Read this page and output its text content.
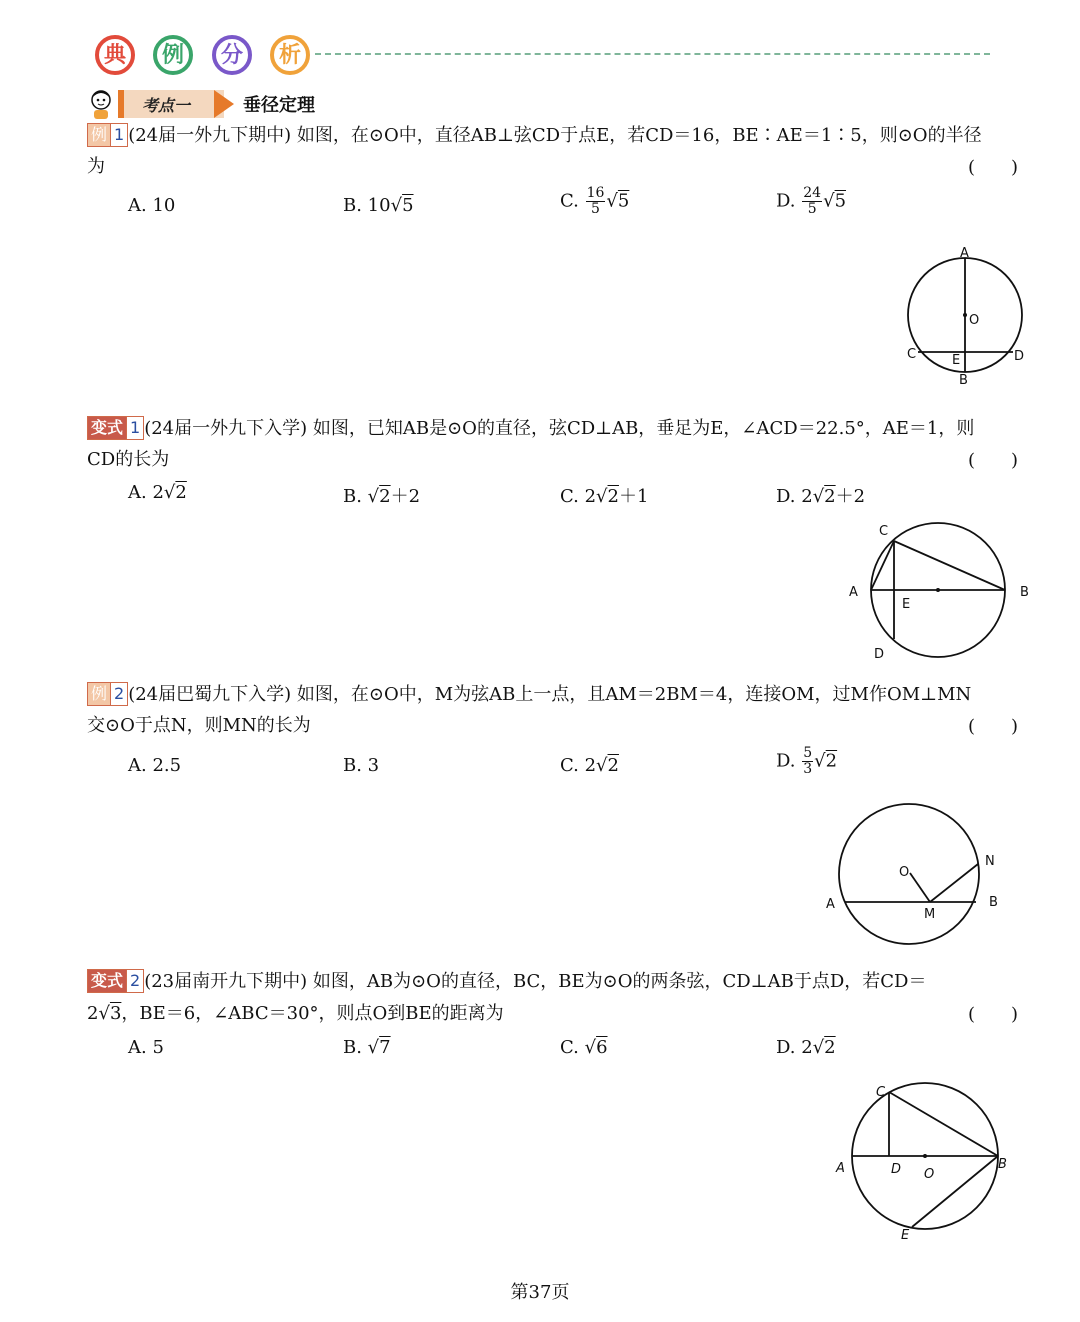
典	例	分	析
考点一	垂径定理
例 1 (24届一外九下期中) 如图，在⊙O中，直径AB⊥弦CD于点E，若CD＝16，BE∶AE＝1∶5，则⊙O的半径
为	(　　)
A. 10	B. 10√5	C. $\frac{16}{5} √5$	D. $\frac{24}{5} √5$
A
O
C	E	D
B
变式 1 (24届一外九下入学) 如图，已知AB是⊙O的直径，弦CD⊥AB，垂足为E，∠ACD＝22.5°，AE＝1，则
CD的长为	(　　)
A. 2√2	B. √2＋2	C. 2√2＋1	D. 2√2＋2
C
A
E
B
D
例 2 (24届巴蜀九下入学) 如图，在⊙O中，M为弦AB上一点，且AM＝2BM＝4，连接OM，过M作OM⊥MN
交⊙O于点N，则MN的长为	(　　)
A. 2.5	B. 3	C. 2√2	D. $\frac{5}{3} √2$
O
N
A
M
B
变式 2 (23届南开九下期中) 如图，AB为⊙O的直径，BC，BE为⊙O的两条弦，CD⊥AB于点D，若CD＝
2√3，BE＝6，∠ABC＝30°，则点O到BE的距离为	(　　)
A. 5	B. √7	C. √6	D. 2√2
C
A	D O
B
E
第37页
